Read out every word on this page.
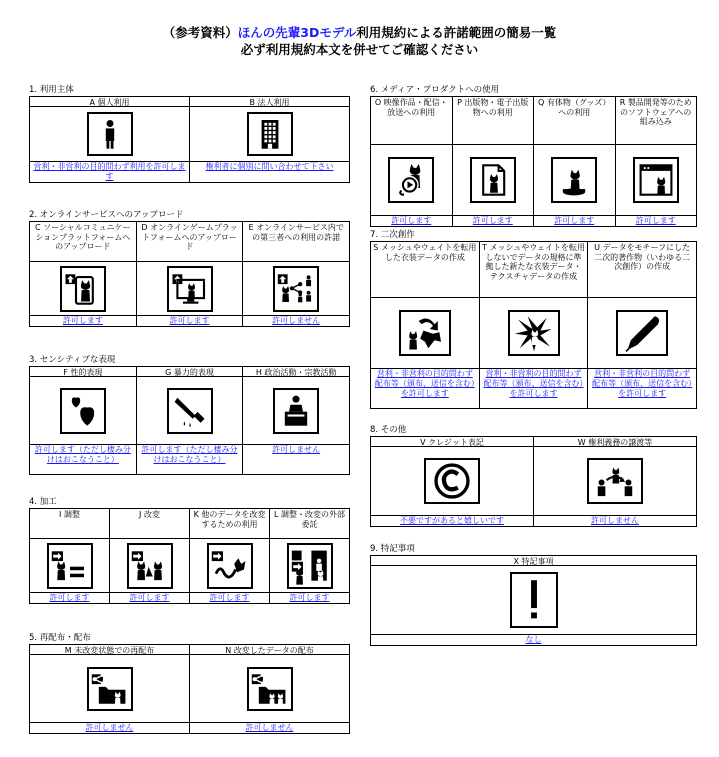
（参考資料）ほんの先輩3Dモデル利用規約による許諾範囲の簡易一覧
必ず利用規約本文を併せてご確認ください
1. 利用主体
A 個人利用
営利・非営利の目的問わず利用を許可します
B 法人利用
権利者に個別に問い合わせて下さい
2. オンラインサービスへのアップロード
C ソーシャルコミュニケーションプラットフォームへのアップロード
許可します
D オンラインゲームプラットフォームへのアップロード
許可します
E オンラインサービス内での第三者への利用の許諾
許可しません
3. センシティブな表現
F 性的表現
許可します（ただし棲み分けはおこなうこと）
G 暴力的表現
許可します（ただし棲み分けはおこなうこと）
H 政治活動・宗教活動
許可しません
4. 加工
I 調整
許可します
J 改変
許可します
K 他のデータを改変するための利用
許可します
L 調整・改変の外部委託
許可します
5. 再配布・配布
M 未改変状態での再配布
許可しません
N 改変したデータの配布
許可しません
6. メディア・プロダクトへの使用
O 映像作品・配信・放送への利用
許可します
P 出版物・電子出版物への利用
許可します
Q 有体物（グッズ）への利用
許可します
R 製品開発等のためのソフトウェアへの組み込み
許可します
7. 二次創作
S メッシュやウェイトを転用した衣装データの作成
営利・非営利の目的問わず配布等（頒布、送信を含む）を許可します
T メッシュやウェイトを転用しないでデータの規格に準拠した新たな衣装データ・テクスチャデータの作成
営利・非営利の目的問わず配布等（頒布、送信を含む）を許可します
U データをモチーフにした二次的著作物（いわゆる二次創作）の作成
営利・非営利の目的問わず配布等（頒布、送信を含む）を許可します
8. その他
V クレジット表記
不要ですがあると嬉しいです
W 権利義務の譲渡等
許可しません
9. 特記事項
X 特記事項
なし
